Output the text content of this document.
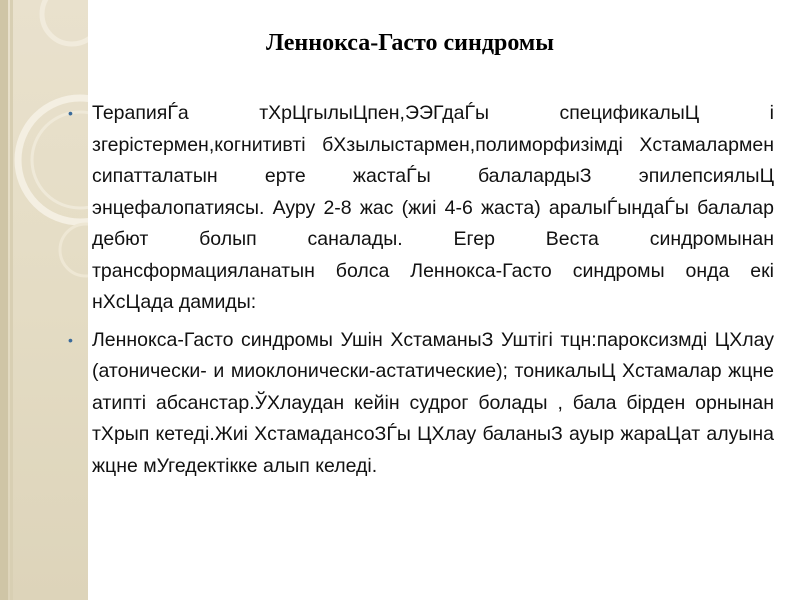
Леннокса-Гасто синдромы
• ТерапияЃа тХрЦгылыЦпен,ЭЭГдаЃы спецификалыЦ і згерістермен,когнитивті бХзылыстармен,полиморфизімді Хстамалармен сипатталатын ерте жастаЃы балалардыЗ эпилепсиялыЦ энцефалопатиясы. Ауру 2-8 жас (жиі 4-6 жаста) аралыЃындаЃы балалар дебют болып саналады. Егер Веста синдромынан трансформацияланатын болса Леннокса-Гасто синдромы онда екі нХсЦада дамиды:
• Леннокса-Гасто синдромы Ушін ХстаманыЗ Уштігі тцн:пароксизмді ЦХлау (атонически- и миоклонически-астатические); тоникалыЦ Хстамалар жцне атипті абсанстар.ЎХлаудан кейін судрог болады , бала бірден орнынан тХрып кетеді.Жиі ХстамадансоЗЃы ЦХлау баланыЗ ауыр жараЦат алуына жцне мУгедектікке алып келеді.
